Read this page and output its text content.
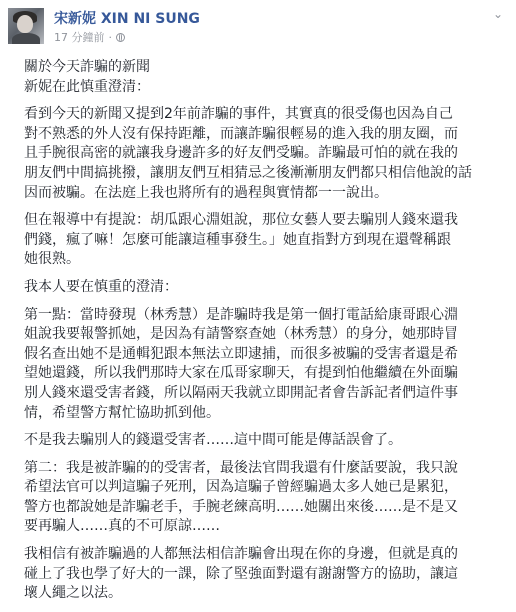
宋新妮 XIN NI SUNG
17 分鐘前 ·
⌄

關於今天詐騙的新聞
新妮在此慎重澄清：

看到今天的新聞又提到2年前詐騙的事件，其實真的很受傷也因為自己
對不熟悉的外人沒有保持距離，而讓詐騙很輕易的進入我的朋友圈，而
且手腕很高密的就讓我身邊許多的好友們受騙。詐騙最可怕的就在我的
朋友們中間搞挑撥，讓朋友們互相猜忌之後漸漸朋友們都只相信他說的話
因而被騙。在法庭上我也將所有的過程與實情都一一說出。

但在報導中有提說：胡瓜跟心淵姐說，那位女藝人要去騙別人錢來還我
們錢，瘋了嘛！怎麼可能讓這種事發生。」她直指對方到現在還聲稱跟
她很熟。

我本人要在慎重的澄清：

第一點：當時發現（林秀慧）是詐騙時我是第一個打電話給康哥跟心淵
姐說我要報警抓她，是因為有請警察查她（林秀慧）的身分，她那時冒
假名查出她不是通輯犯跟本無法立即逮捕，而很多被騙的受害者還是希
望她還錢，所以我們那時大家在瓜哥家聊天，有提到怕他繼續在外面騙
別人錢來還受害者錢，所以隔兩天我就立即開記者會告訴記者們這件事
情，希望警方幫忙協助抓到他。

不是我去騙別人的錢還受害者……這中間可能是傳話誤會了。

第二：我是被詐騙的的受害者，最後法官問我還有什麼話要說，我只說
希望法官可以判這騙子死刑，因為這騙子曾經騙過太多人她已是累犯，
警方也都說她是詐騙老手，手腕老練高明……她關出來後……是不是又
要再騙人……真的不可原諒……

我相信有被詐騙過的人都無法相信詐騙會出現在你的身邊，但就是真的
碰上了我也學了好大的一課，除了堅強面對還有謝謝警方的協助，讓這
壞人繩之以法。
